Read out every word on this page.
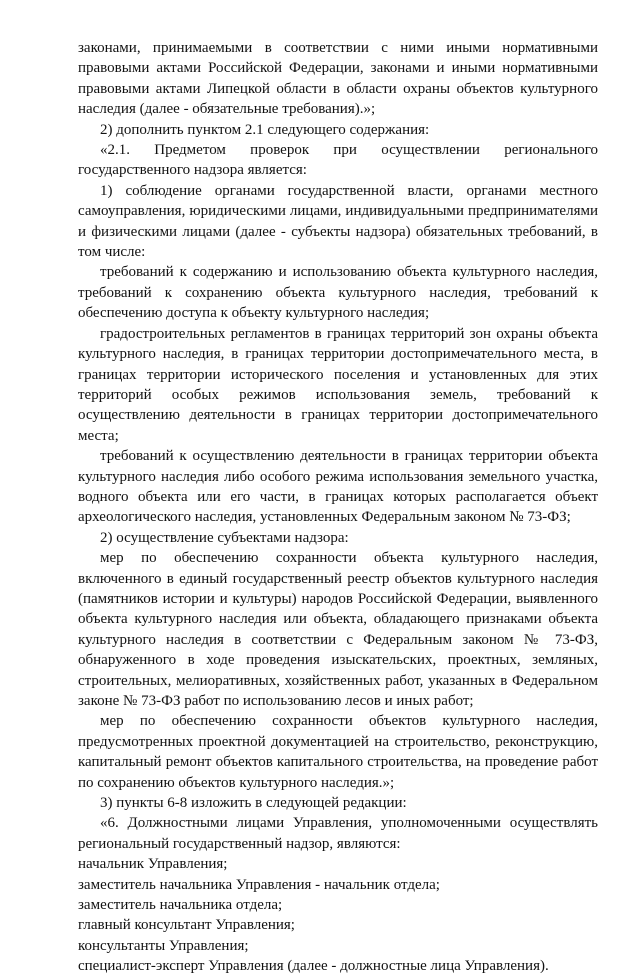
законами, принимаемыми в соответствии с ними иными нормативными правовыми актами Российской Федерации, законами и иными нормативными правовыми актами Липецкой области в области охраны объектов культурного наследия (далее - обязательные требования).»;

2) дополнить пунктом 2.1 следующего содержания:

«2.1. Предметом проверок при осуществлении регионального государственного надзора является:

1) соблюдение органами государственной власти, органами местного самоуправления, юридическими лицами, индивидуальными предпринимателями и физическими лицами (далее - субъекты надзора) обязательных требований, в том числе:

требований к содержанию и использованию объекта культурного наследия, требований к сохранению объекта культурного наследия, требований к обеспечению доступа к объекту культурного наследия;

градостроительных регламентов в границах территорий зон охраны объекта культурного наследия, в границах территории достопримечательного места, в границах территории исторического поселения и установленных для этих территорий особых режимов использования земель, требований к осуществлению деятельности в границах территории достопримечательного места;

требований к осуществлению деятельности в границах территории объекта культурного наследия либо особого режима использования земельного участка, водного объекта или его части, в границах которых располагается объект археологического наследия, установленных Федеральным законом № 73-ФЗ;

2) осуществление субъектами надзора:

мер по обеспечению сохранности объекта культурного наследия, включенного в единый государственный реестр объектов культурного наследия (памятников истории и культуры) народов Российской Федерации, выявленного объекта культурного наследия или объекта, обладающего признаками объекта культурного наследия в соответствии с Федеральным законом № 73-ФЗ, обнаруженного в ходе проведения изыскательских, проектных, земляных, строительных, мелиоративных, хозяйственных работ, указанных в Федеральном законе № 73-ФЗ работ по использованию лесов и иных работ;

мер по обеспечению сохранности объектов культурного наследия, предусмотренных проектной документацией на строительство, реконструкцию, капитальный ремонт объектов капитального строительства, на проведение работ по сохранению объектов культурного наследия.»;

3) пункты 6-8 изложить в следующей редакции:

«6. Должностными лицами Управления, уполномоченными осуществлять региональный государственный надзор, являются:

начальник Управления;

заместитель начальника Управления - начальник отдела;

заместитель начальника отдела;

главный консультант Управления;

консультанты Управления;

специалист-эксперт Управления (далее - должностные лица Управления).
